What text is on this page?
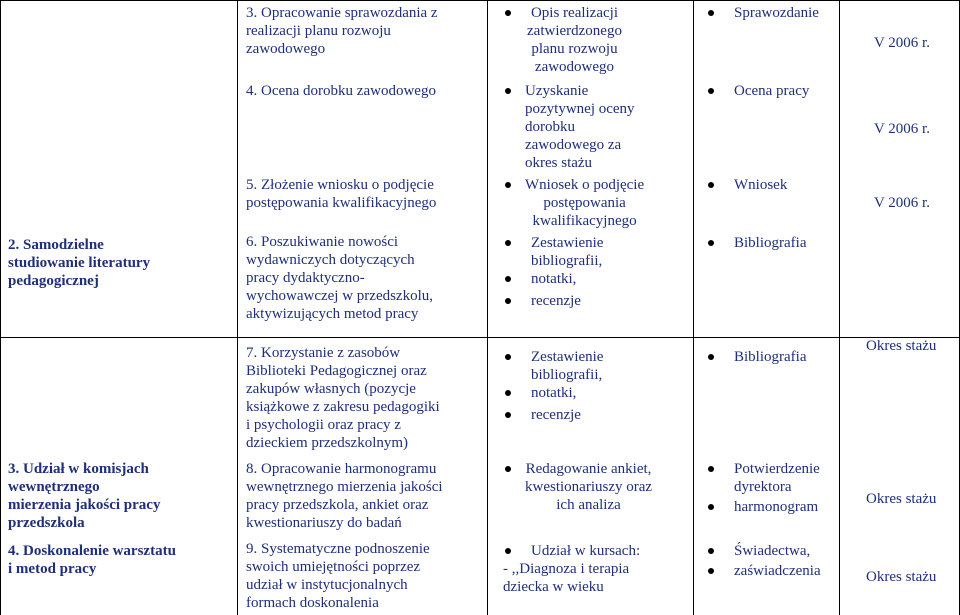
2. Samodzielne
studiowanie literatury
pedagogicznej
3. Udział w komisjach
wewnętrznego
mierzenia jakości pracy
przedszkola
4. Doskonalenie warsztatu
i metod pracy
3. Opracowanie sprawozdania z
realizacji planu rozwoju
zawodowego
4. Ocena dorobku zawodowego
5. Złożenie wniosku o podjęcie
postępowania kwalifikacyjnego
6. Poszukiwanie nowości
wydawniczych dotyczących
pracy dydaktyczno-
wychowawczej w przedszkolu,
aktywizujących metod pracy
Opis realizacji
zatwierdzonego
planu rozwoju
zawodowego
Uzyskanie
pozytywnej oceny
dorobku
zawodowego za
okres stażu
Wniosek o podjęcie
postępowania
kwalifikacyjnego
Zestawienie
bibliografii,
notatki,
recenzje
Sprawozdanie
Ocena pracy
Wniosek
Bibliografia
V 2006 r.
V 2006 r.
V 2006 r.
7. Korzystanie z zasobów
Biblioteki Pedagogicznej oraz
zakupów własnych (pozycje
książkowe z zakresu pedagogiki
i psychologii oraz pracy z
dzieckiem przedszkolnym)
8. Opracowanie harmonogramu
wewnętrznego mierzenia jakości
pracy przedszkola, ankiet oraz
kwestionariuszy do badań
9. Systematyczne podnoszenie
swoich umiejętności poprzez
udział w instytucjonalnych
formach doskonalenia
Zestawienie
bibliografii,
notatki,
recenzje
Redagowanie ankiet,
kwestionariuszy oraz
ich analiza
Udział w kursach:
- ,,Diagnoza i terapia
dziecka w wieku
Bibliografia
Potwierdzenie
dyrektora
harmonogram
Świadectwa,
zaświadczenia
Okres stażu
Okres stażu
Okres stażu
